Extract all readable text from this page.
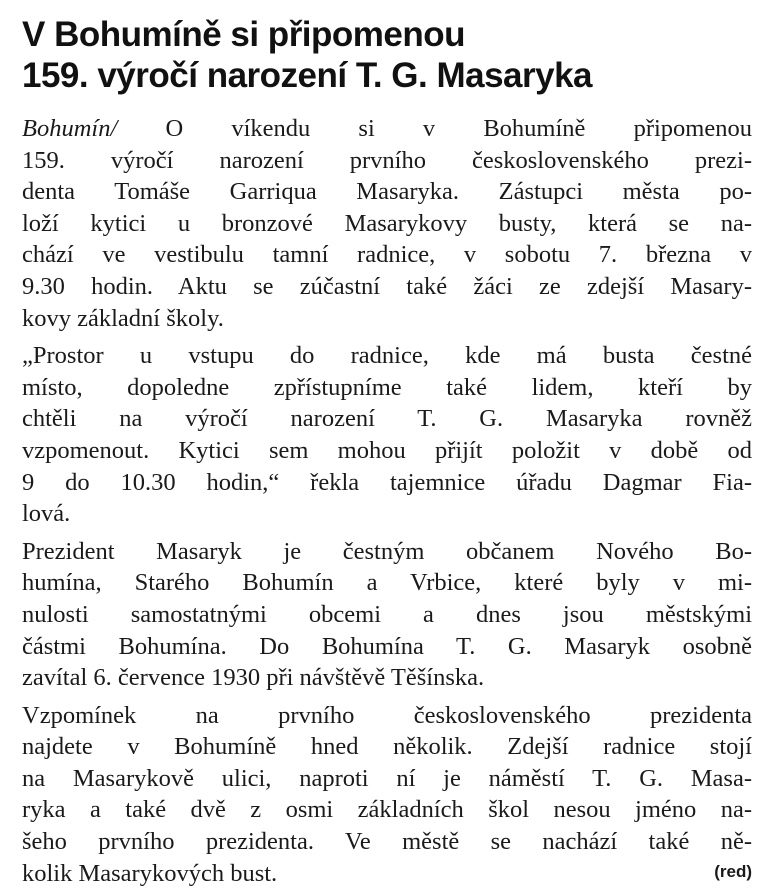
V Bohumíně si připomenou
159. výročí narození T. G. Masaryka

Bohumín/ O víkendu si v Bohumíně připomenou
159. výročí narození prvního československého prezi-
denta Tomáše Garriqua Masaryka. Zástupci města po-
loží kytici u bronzové Masarykovy busty, která se na-
chází ve vestibulu tamní radnice, v sobotu 7. března v
9.30 hodin. Aktu se zúčastní také žáci ze zdejší Masary-
kovy základní školy.

„Prostor u vstupu do radnice, kde má busta čestné
místo, dopoledne zpřístupníme také lidem, kteří by
chtěli na výročí narození T. G. Masaryka rovněž
vzpomenout. Kytici sem mohou přijít položit v době od
9 do 10.30 hodin,“ řekla tajemnice úřadu Dagmar Fia-
lová.

Prezident Masaryk je čestným občanem Nového Bo-
humína, Starého Bohumín a Vrbice, které byly v mi-
nulosti samostatnými obcemi a dnes jsou městskými
částmi Bohumína. Do Bohumína T. G. Masaryk osobně
zavítal 6. července 1930 při návštěvě Těšínska.

Vzpomínek na prvního československého prezidenta
najdete v Bohumíně hned několik. Zdejší radnice stojí
na Masarykově ulici, naproti ní je náměstí T. G. Masa-
ryka a také dvě z osmi základních škol nesou jméno na-
šeho prvního prezidenta. Ve městě se nachází také ně-
kolik Masarykových bust.	(red)
